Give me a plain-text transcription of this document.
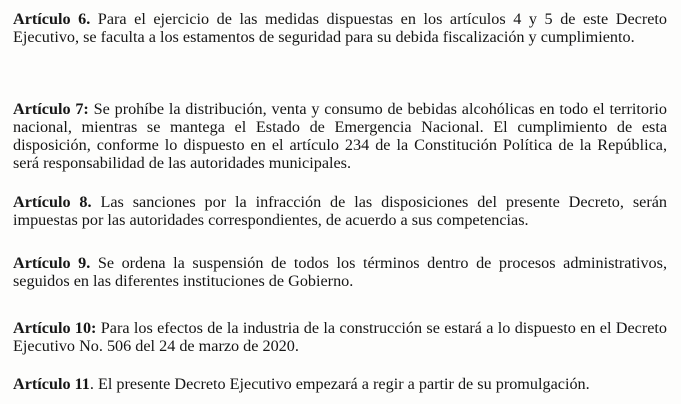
Artículo 6. Para el ejercicio de las medidas dispuestas en los artículos 4 y 5 de este Decreto Ejecutivo, se faculta a los estamentos de seguridad para su debida fiscalización y cumplimiento.

Artículo 7: Se prohíbe la distribución, venta y consumo de bebidas alcohólicas en todo el territorio nacional, mientras se mantega el Estado de Emergencia Nacional. El cumplimiento de esta disposición, conforme lo dispuesto en el artículo 234 de la Constitución Política de la República, será responsabilidad de las autoridades municipales.

Artículo 8. Las sanciones por la infracción de las disposiciones del presente Decreto, serán impuestas por las autoridades correspondientes, de acuerdo a sus competencias.

Artículo 9. Se ordena la suspensión de todos los términos dentro de procesos administrativos, seguidos en las diferentes instituciones de Gobierno.

Artículo 10: Para los efectos de la industria de la construcción se estará a lo dispuesto en el Decreto Ejecutivo No. 506 del 24 de marzo de 2020.

Artículo 11. El presente Decreto Ejecutivo empezará a regir a partir de su promulgación.
